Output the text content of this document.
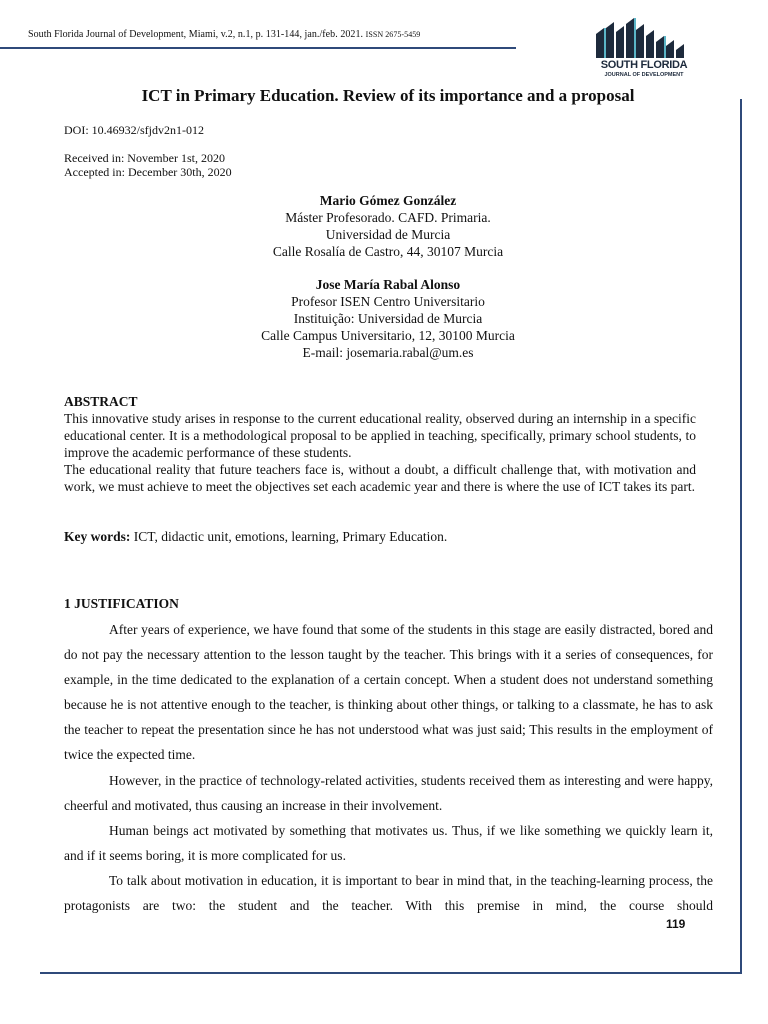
South Florida Journal of Development, Miami, v.2, n.1, p. 131-144, jan./feb. 2021. ISSN 2675-5459
SOUTH FLORIDA
JOURNAL OF DEVELOPMENT
ICT in Primary Education. Review of its importance and a proposal
DOI: 10.46932/sfjdv2n1-012
Received in: November 1st, 2020
Accepted in: December 30th, 2020
Mario Gómez González
Máster Profesorado. CAFD. Primaria.
Universidad de Murcia
Calle Rosalía de Castro, 44, 30107 Murcia
Jose María Rabal Alonso
Profesor ISEN Centro Universitario
Instituição: Universidad de Murcia
Calle Campus Universitario, 12, 30100 Murcia
E-mail: josemaria.rabal@um.es
ABSTRACT

This innovative study arises in response to the current educational reality, observed during an internship in a specific educational center. It is a methodological proposal to be applied in teaching, specifically, primary school students, to improve the academic performance of these students.

The educational reality that future teachers face is, without a doubt, a difficult challenge that, with motivation and work, we must achieve to meet the objectives set each academic year and there is where the use of ICT takes its part.

Key words: ICT, didactic unit, emotions, learning, Primary Education.
1 JUSTIFICATION

After years of experience, we have found that some of the students in this stage are easily distracted, bored and do not pay the necessary attention to the lesson taught by the teacher. This brings with it a series of consequences, for example, in the time dedicated to the explanation of a certain concept. When a student does not understand something because he is not attentive enough to the teacher, is thinking about other things, or talking to a classmate, he has to ask the teacher to repeat the presentation since he has not understood what was just said; This results in the employment of twice the expected time.

However, in the practice of technology-related activities, students received them as interesting and were happy, cheerful and motivated, thus causing an increase in their involvement.

Human beings act motivated by something that motivates us. Thus, if we like something we quickly learn it, and if it seems boring, it is more complicated for us.

To talk about motivation in education, it is important to bear in mind that, in the teaching-learning process, the protagonists are two: the student and the teacher. With this premise in mind, the course should

119
